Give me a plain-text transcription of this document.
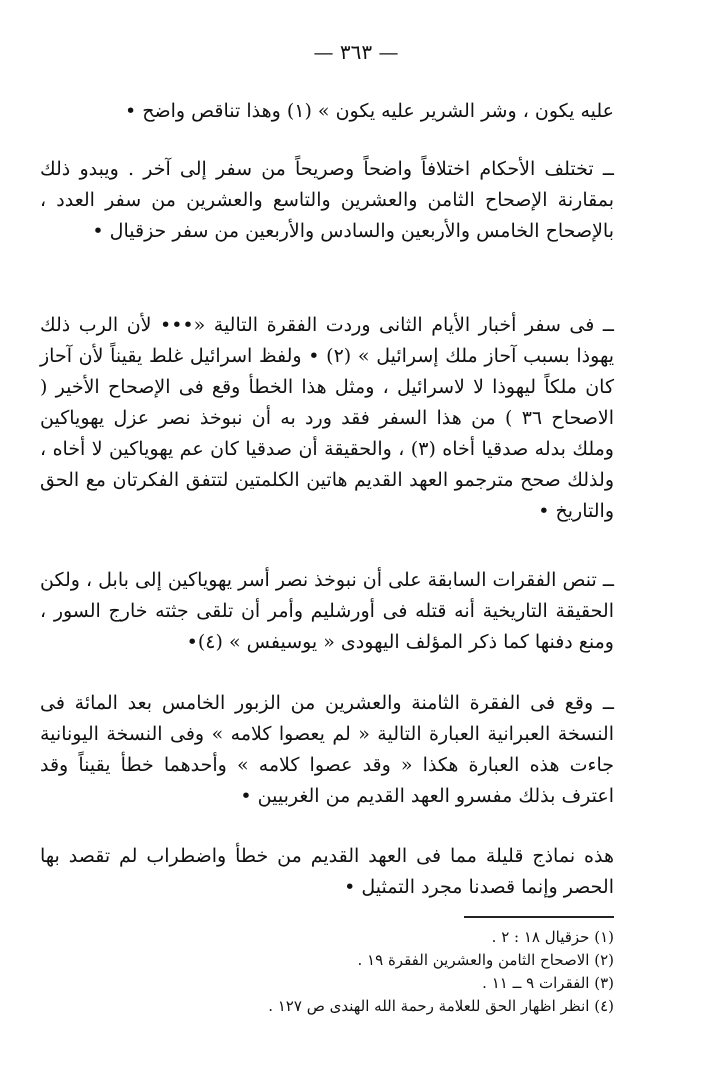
— ٣٦٣ —
عليه يكون ، وشر الشرير عليه يكون » (١) وهذا تناقص واضح •
ــ تختلف الأحكام اختلافاً واضحاً وصريحاً من سفر إلى آخر . ويبدو ذلك بمقارنة الإصحاح الثامن والعشرين والتاسع والعشرين من سفر العدد ، بالإصحاح الخامس والأربعين والسادس والأربعين من سفر حزقيال •
ــ فى سفر أخبار الأيام الثانى وردت الفقرة التالية «••• لأن الرب ذلك يهوذا بسبب آحاز ملك إسرائيل » (٢) • ولفظ اسرائيل غلط يقيناً لأن آحاز كان ملكاً ليهوذا لا لاسرائيل ، ومثل هذا الخطأ وقع فى الإصحاح الأخير ( الاصحاح ٣٦ ) من هذا السفر فقد ورد به أن نبوخذ نصر عزل يهوياكين وملك بدله صدقيا أخاه (٣) ، والحقيقة أن صدقيا كان عم يهوياكين لا أخاه ، ولذلك صحح مترجمو العهد القديم هاتين الكلمتين لتتفق الفكرتان مع الحق والتاريخ •
ــ تنص الفقرات السابقة على أن نبوخذ نصر أسر يهوياكين إلى بابل ، ولكن الحقيقة التاريخية أنه قتله فى أورشليم وأمر أن تلقى جثته خارج السور ، ومنع دفنها كما ذكر المؤلف اليهودى « يوسيفس » (٤)•
ــ وقع فى الفقرة الثامنة والعشرين من الزبور الخامس بعد المائة فى النسخة العبرانية العبارة التالية « لم يعصوا كلامه » وفى النسخة اليونانية جاءت هذه العبارة هكذا « وقد عصوا كلامه » وأحدهما خطأ يقيناً وقد اعترف بذلك مفسرو العهد القديم من الغربيين •
هذه نماذج قليلة مما فى العهد القديم من خطأ واضطراب لم تقصد بها الحصر وإنما قصدنا مجرد التمثيل •
(١) حزقيال ١٨ : ٢ .
(٢) الاصحاح الثامن والعشرين الفقرة ١٩ .
(٣) الفقرات ٩ ــ ١١ .
(٤) انظر اظهار الحق للعلامة رحمة الله الهندى ص ١٢٧ .
